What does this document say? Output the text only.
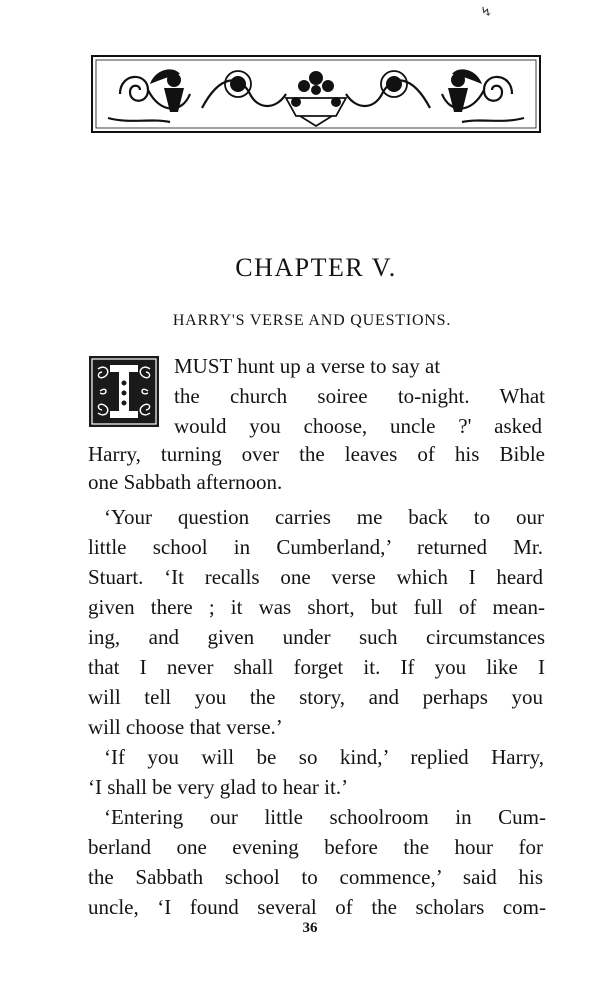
↯
CHAPTER V.
HARRY'S VERSE AND QUESTIONS.

MUST hunt up a verse to say at

the church soiree to-night. What

would you choose, uncle ?' asked

Harry, turning over the leaves of his Bible

one Sabbath afternoon.

‘Your question carries me back to our

little school in Cumberland,’ returned Mr.

Stuart. ‘It recalls one verse which I heard

given there ; it was short, but full of mean-

ing, and given under such circumstances

that I never shall forget it. If you like I

will tell you the story, and perhaps you

will choose that verse.’

‘If you will be so kind,’ replied Harry,

‘I shall be very glad to hear it.’

‘Entering our little schoolroom in Cum-

berland one evening before the hour for

the Sabbath school to commence,’ said his

uncle, ‘I found several of the scholars com-

36
